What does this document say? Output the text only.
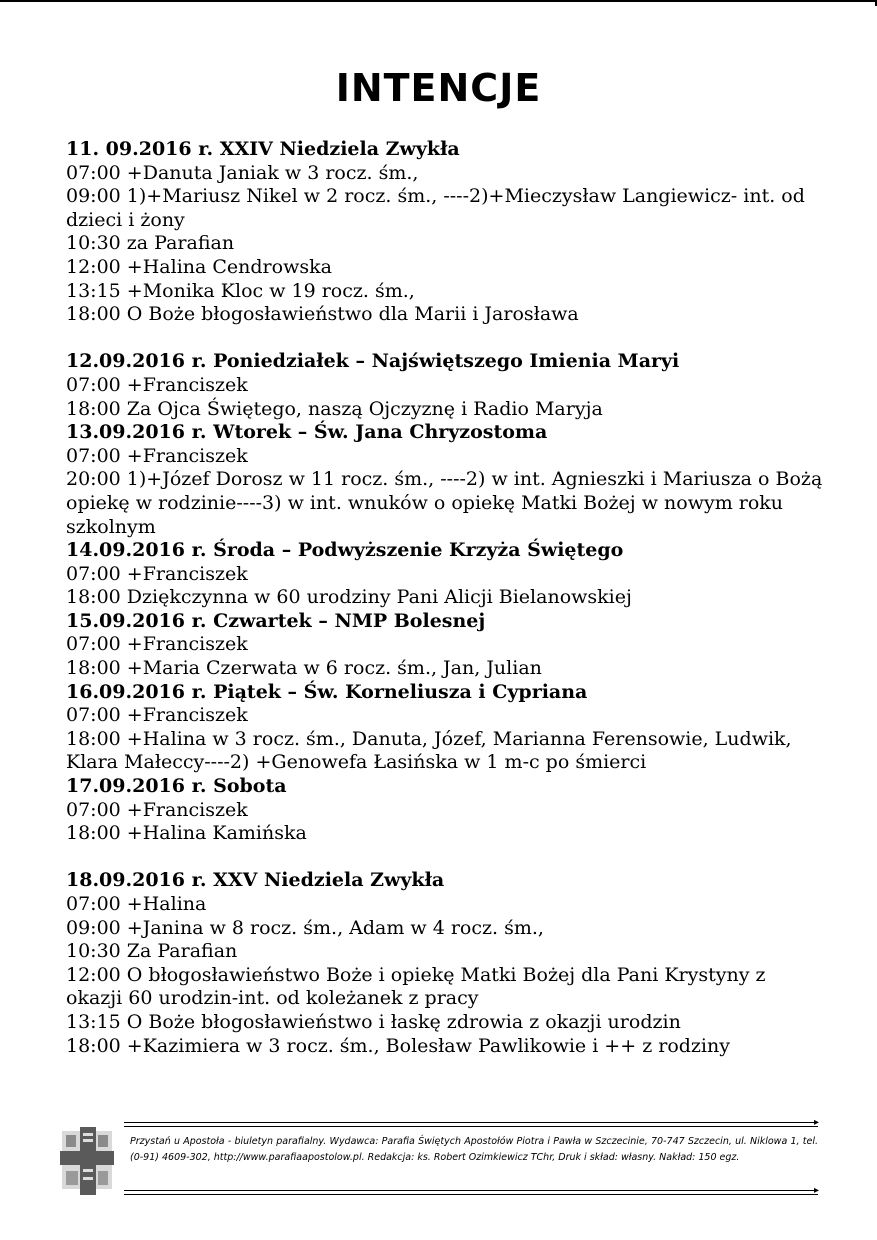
INTENCJE
11. 09.2016 r. XXIV Niedziela Zwykła
07:00 +Danuta Janiak w 3 rocz. śm.,
09:00 1)+Mariusz Nikel w 2 rocz. śm., ----2)+Mieczysław Langiewicz- int. od dzieci i żony
10:30 za Parafian
12:00 +Halina Cendrowska
13:15 +Monika Kloc w 19 rocz. śm.,
18:00 O Boże błogosławieństwo dla Marii i Jarosława
12.09.2016 r. Poniedziałek – Najświętszego Imienia Maryi
07:00 +Franciszek
18:00 Za Ojca Świętego, naszą Ojczyznę i Radio Maryja
13.09.2016 r. Wtorek – Św. Jana Chryzostoma
07:00 +Franciszek
20:00 1)+Józef Dorosz w 11 rocz. śm., ----2) w int. Agnieszki i Mariusza o Bożą opiekę w rodzinie----3) w int. wnuków o opiekę Matki Bożej w nowym roku szkolnym
14.09.2016 r. Środa – Podwyższenie Krzyża Świętego
07:00 +Franciszek
18:00 Dziękczynna w 60 urodziny Pani Alicji Bielanowskiej
15.09.2016 r. Czwartek – NMP Bolesnej
07:00 +Franciszek
18:00 +Maria Czerwata w 6 rocz. śm., Jan, Julian
16.09.2016 r. Piątek – Św. Korneliusza i Cypriana
07:00 +Franciszek
18:00 +Halina w 3 rocz. śm., Danuta, Józef, Marianna Ferensowie, Ludwik, Klara Małeccy----2) +Genowefa Łasińska w 1 m-c po śmierci
17.09.2016 r. Sobota
07:00 +Franciszek
18:00 +Halina Kamińska
18.09.2016 r. XXV Niedziela Zwykła
07:00 +Halina
09:00 +Janina w 8 rocz. śm., Adam w 4 rocz. śm.,
10:30 Za Parafian
12:00 O błogosławieństwo Boże i opiekę Matki Bożej dla Pani Krystyny z okazji 60 urodzin-int. od koleżanek z pracy
13:15 O Boże błogosławieństwo i łaskę zdrowia z okazji urodzin
18:00 +Kazimiera w 3 rocz. śm., Bolesław Pawlikowie i ++ z rodziny
▸
Przystań u Apostoła - biuletyn parafialny. Wydawca: Parafia Świętych Apostołów Piotra i Pawła w Szczecinie, 70-747 Szczecin, ul. Niklowa 1, tel. (0-91) 4609-302, http://www.parafiaapostolow.pl. Redakcja: ks. Robert Ozimkiewicz TChr, Druk i skład: własny. Nakład: 150 egz.
▸
